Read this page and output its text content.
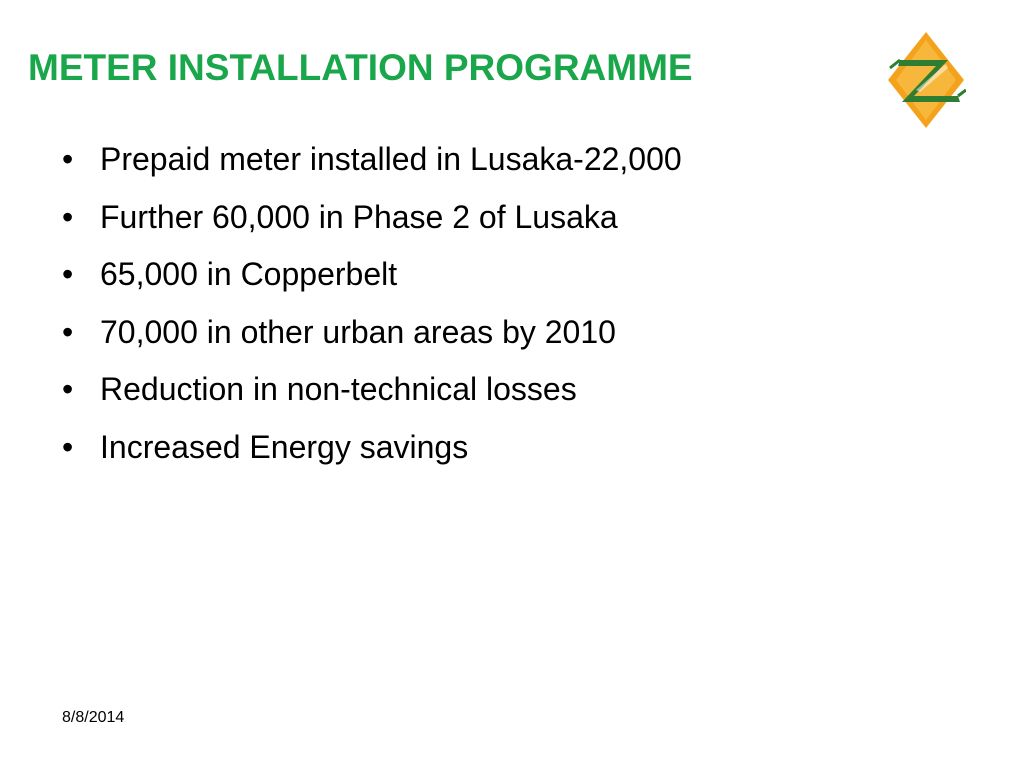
METER INSTALLATION PROGRAMME
• Prepaid meter installed in Lusaka-22,000
• Further 60,000 in Phase 2 of Lusaka
• 65,000 in Copperbelt
• 70,000 in other urban areas by 2010
• Reduction in non-technical losses
• Increased Energy savings
8/8/2014
